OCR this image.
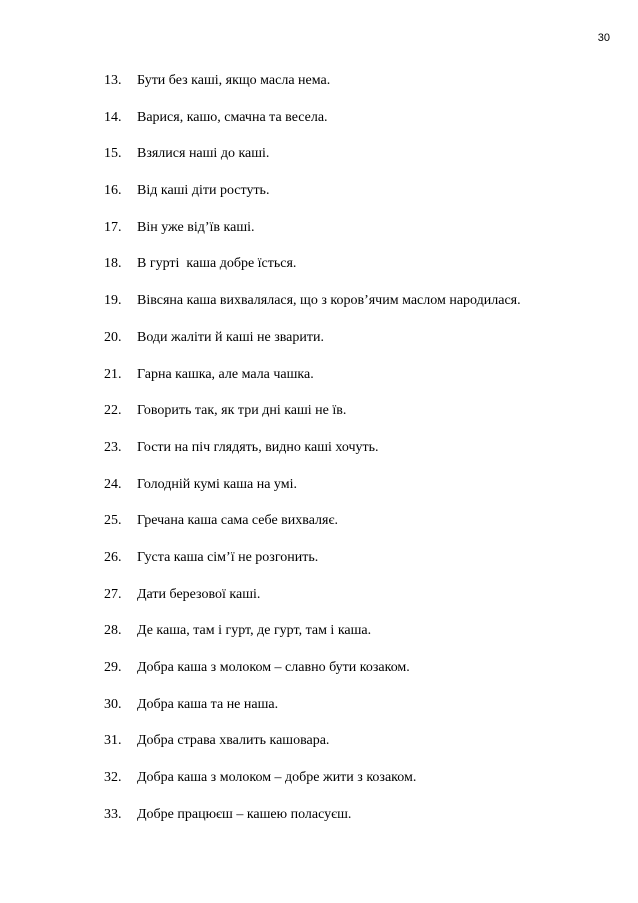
30
13.	Бути без каші, якщо масла нема.
14.	Варися, кашо, смачна та весела.
15.	Взялися наші до каші.
16.	Від каші діти ростуть.
17.	Він уже від’їв каші.
18.	В гурті  каша добре їсться.
19.	Вівсяна каша вихвалялася, що з коров’ячим маслом народилася.
20.	Води жаліти й каші не зварити.
21.	Гарна кашка, але мала чашка.
22.	Говорить так, як три дні каші не їв.
23.	Гости на піч глядять, видно каші хочуть.
24.	Голодній кумі каша на умі.
25.	Гречана каша сама себе вихваляє.
26.	Густа каша сім’ї не розгонить.
27.	Дати березової каші.
28.	Де каша, там і гурт, де гурт, там і каша.
29.	Добра каша з молоком – славно бути козаком.
30.	Добра каша та не наша.
31.	Добра страва хвалить кашовара.
32.	Добра каша з молоком – добре жити з козаком.
33.	Добре працюєш – кашею поласуєш.
